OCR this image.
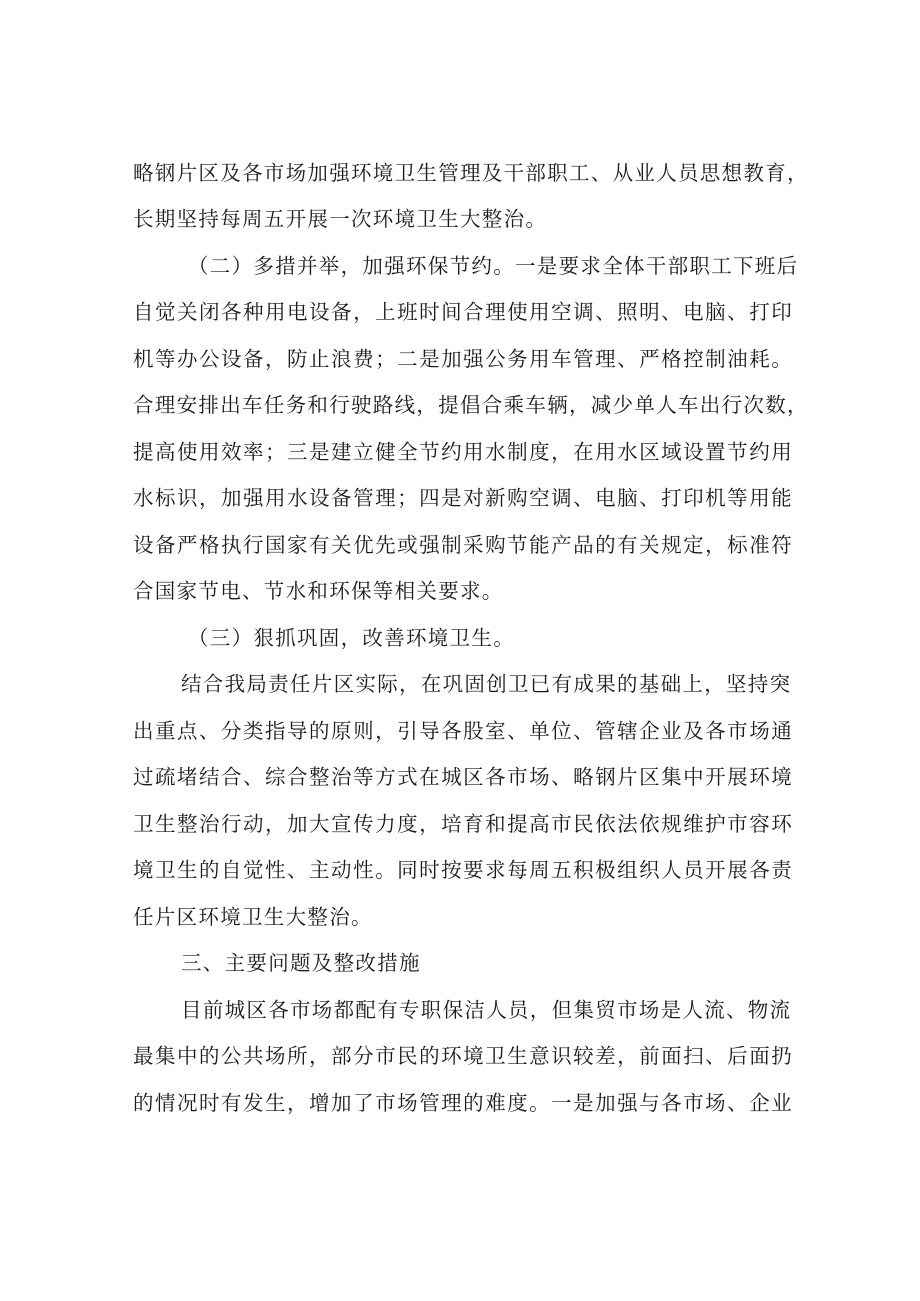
略钢片区及各市场加强环境卫生管理及干部职工、从业人员思想教育，
长期坚持每周五开展一次环境卫生大整治。
（二）多措并举，加强环保节约。一是要求全体干部职工下班后
自觉关闭各种用电设备，上班时间合理使用空调、照明、电脑、打印
机等办公设备，防止浪费；二是加强公务用车管理、严格控制油耗。
合理安排出车任务和行驶路线，提倡合乘车辆，减少单人车出行次数，
提高使用效率；三是建立健全节约用水制度，在用水区域设置节约用
水标识，加强用水设备管理；四是对新购空调、电脑、打印机等用能
设备严格执行国家有关优先或强制采购节能产品的有关规定，标准符
合国家节电、节水和环保等相关要求。
（三）狠抓巩固，改善环境卫生。
结合我局责任片区实际，在巩固创卫已有成果的基础上，坚持突
出重点、分类指导的原则，引导各股室、单位、管辖企业及各市场通
过疏堵结合、综合整治等方式在城区各市场、略钢片区集中开展环境
卫生整治行动，加大宣传力度，培育和提高市民依法依规维护市容环
境卫生的自觉性、主动性。同时按要求每周五积极组织人员开展各责
任片区环境卫生大整治。
三、主要问题及整改措施
目前城区各市场都配有专职保洁人员，但集贸市场是人流、物流
最集中的公共场所，部分市民的环境卫生意识较差，前面扫、后面扔
的情况时有发生，增加了市场管理的难度。一是加强与各市场、企业
